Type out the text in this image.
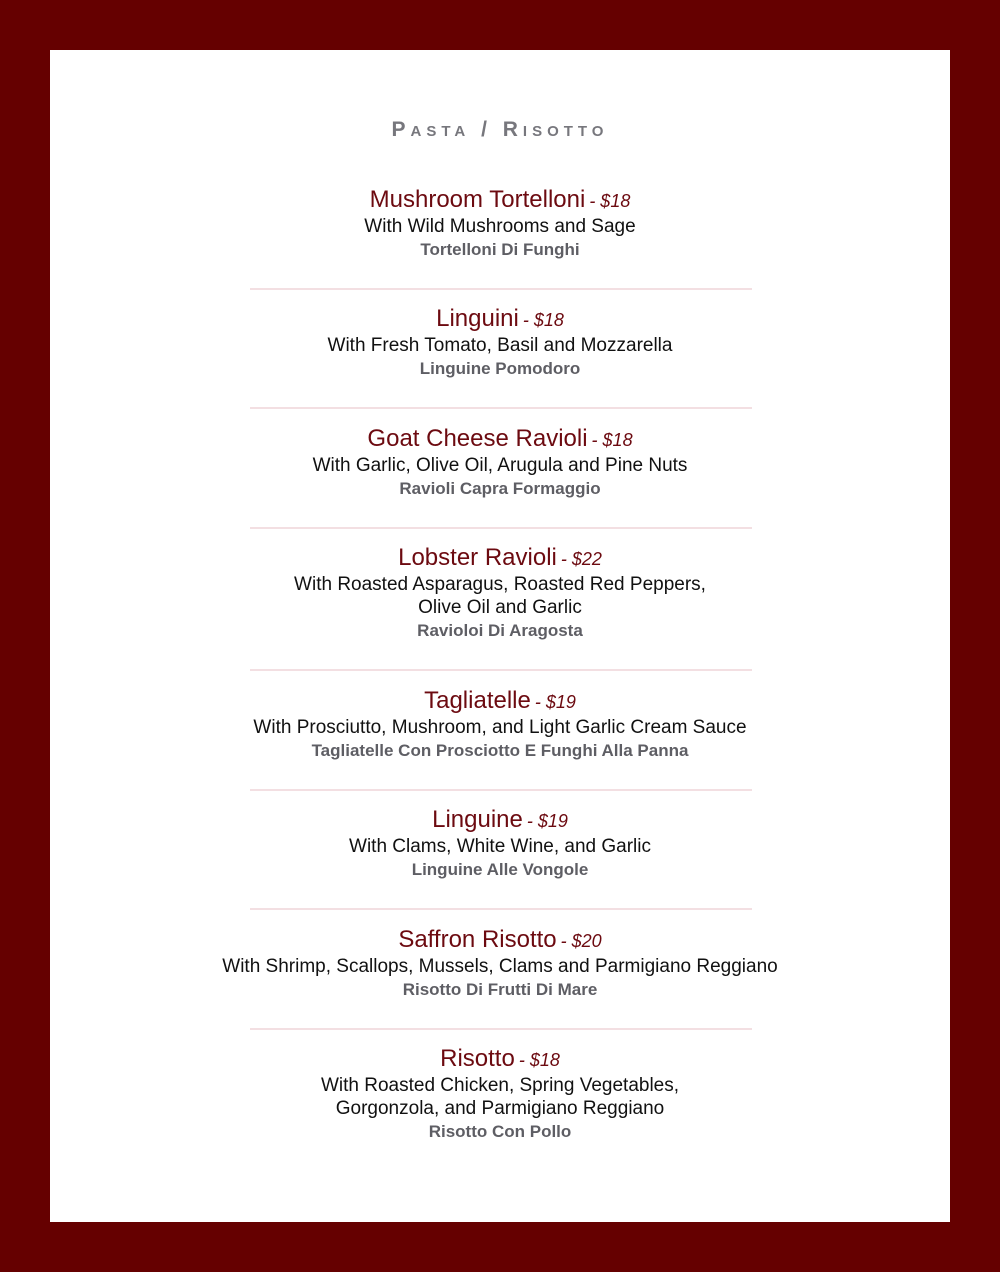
Pasta / Risotto
Mushroom Tortelloni - $18
With Wild Mushrooms and Sage
Tortelloni Di Funghi
Linguini - $18
With Fresh Tomato, Basil and Mozzarella
Linguine Pomodoro
Goat Cheese Ravioli - $18
With Garlic, Olive Oil, Arugula and Pine Nuts
Ravioli Capra Formaggio
Lobster Ravioli - $22
With Roasted Asparagus, Roasted Red Peppers,
Olive Oil and Garlic
Ravioloi Di Aragosta
Tagliatelle - $19
With Prosciutto, Mushroom, and Light Garlic Cream Sauce
Tagliatelle Con Prosciotto E Funghi Alla Panna
Linguine - $19
With Clams, White Wine, and Garlic
Linguine Alle Vongole
Saffron Risotto - $20
With Shrimp, Scallops, Mussels, Clams and Parmigiano Reggiano
Risotto Di Frutti Di Mare
Risotto - $18
With Roasted Chicken, Spring Vegetables,
Gorgonzola, and Parmigiano Reggiano
Risotto Con Pollo
